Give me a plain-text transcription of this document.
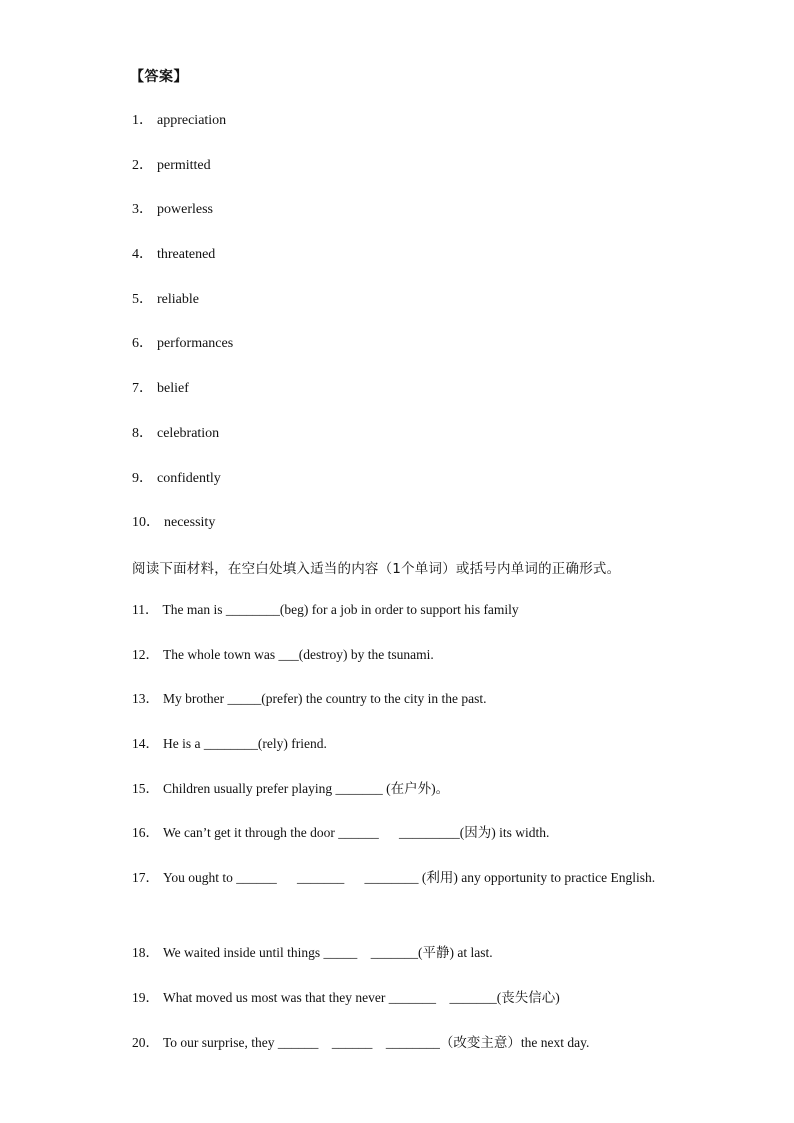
【答案】
1． appreciation
2． permitted
3． powerless
4． threatened
5． reliable
6． performances
7． belief
8． celebration
9． confidently
10． necessity
阅读下面材料，在空白处填入适当的内容（1个单词）或括号内单词的正确形式。
11． The man is ________(beg) for a job in order to support his family
12． The whole town was ___(destroy) by the tsunami.
13． My brother _____(prefer) the country to the city in the past.
14． He is a ________(rely) friend.
15． Children usually prefer playing _______ (在户外)。
16． We can’t get it through the door ______      _________(因为) its width.
17． You ought to ______      _______      ________ (利用) any opportunity to practice English.
18． We waited inside until things _____    _______(平静) at last.
19． What moved us most was that they never _______    _______(丧失信心)
20． To our surprise, they ______    ______    ________（改变主意）the next day.
